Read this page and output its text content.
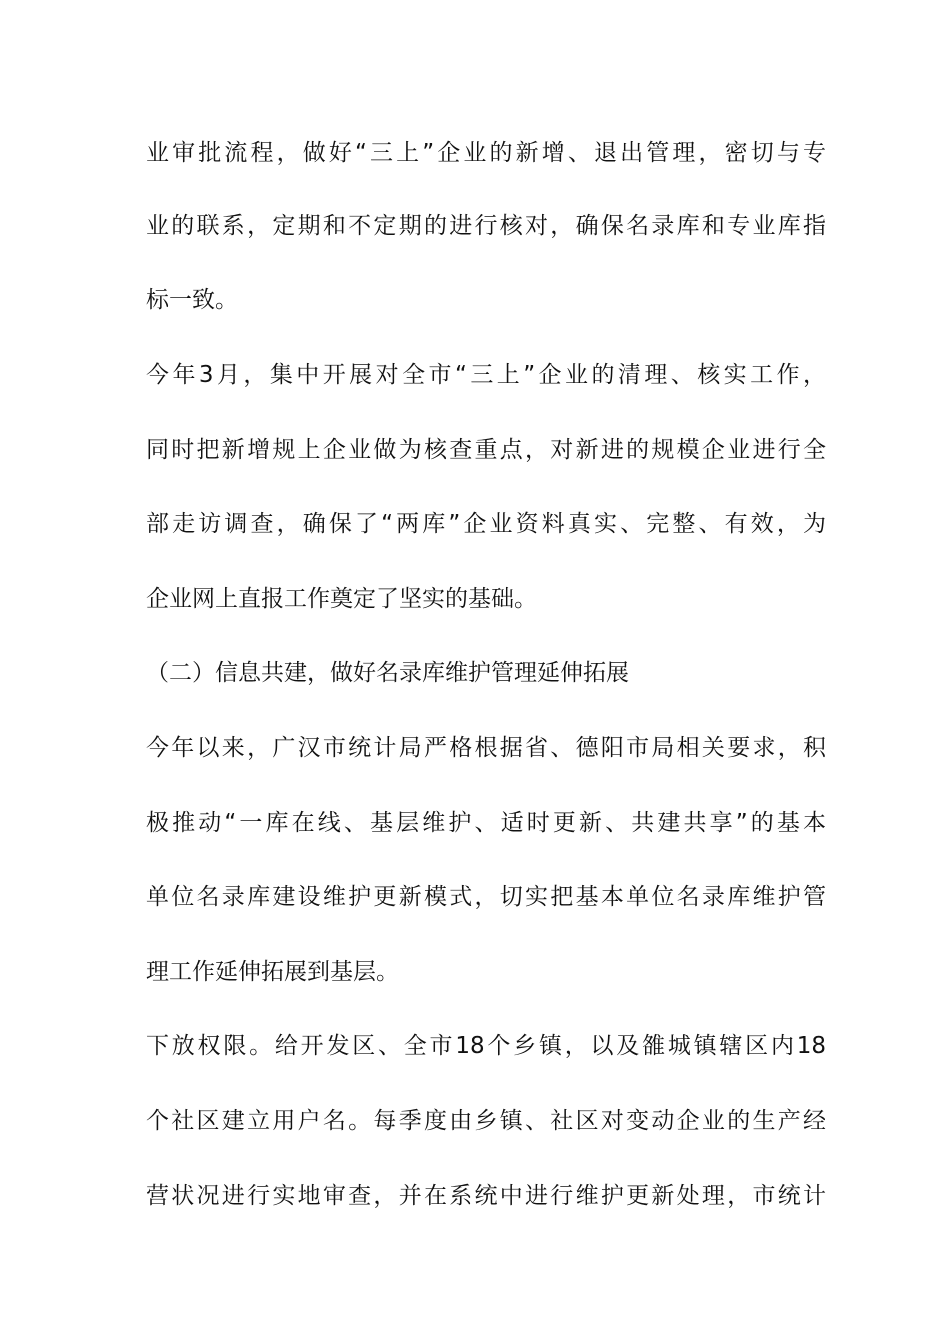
业审批流程，做好“三上”企业的新增、退出管理，密切与专

业的联系，定期和不定期的进行核对，确保名录库和专业库指

标一致。

今年3月，集中开展对全市“三上”企业的清理、核实工作，

同时把新增规上企业做为核查重点，对新进的规模企业进行全

部走访调查，确保了“两库”企业资料真实、完整、有效，为

企业网上直报工作奠定了坚实的基础。

（二）信息共建，做好名录库维护管理延伸拓展

今年以来，广汉市统计局严格根据省、德阳市局相关要求，积

极推动“一库在线、基层维护、适时更新、共建共享”的基本

单位名录库建设维护更新模式，切实把基本单位名录库维护管

理工作延伸拓展到基层。

下放权限。给开发区、全市18个乡镇，以及雒城镇辖区内18

个社区建立用户名。每季度由乡镇、社区对变动企业的生产经

营状况进行实地审查，并在系统中进行维护更新处理，市统计
